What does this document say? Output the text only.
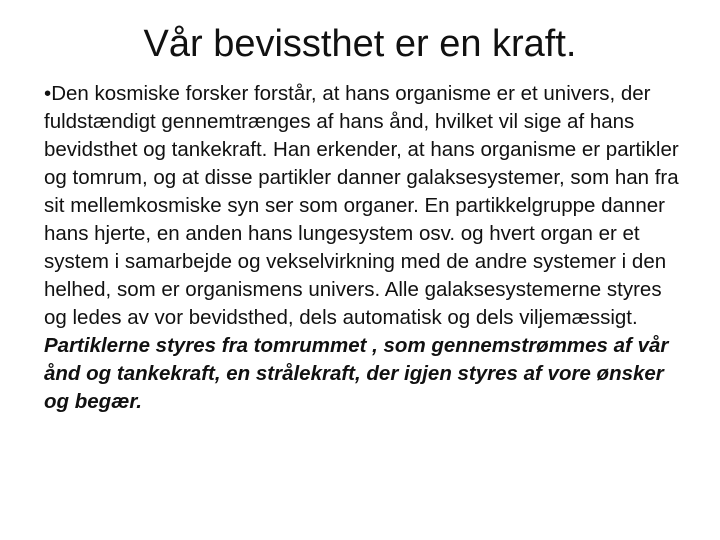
Vår bevissthet er en kraft.

•Den kosmiske forsker forstår, at hans organisme er et univers, der fuldstændigt gennemtrænges af hans ånd, hvilket vil sige af hans bevidsthet og tankekraft. Han erkender, at hans organisme er partikler og tomrum, og at disse partikler danner galaksesystemer, som han fra sit mellemkosmiske syn ser som organer. En partikkelgruppe danner hans hjerte, en anden hans lungesystem osv. og hvert organ er et system i samarbejde og vekselvirkning med de andre systemer i den helhed, som er organismens univers. Alle galaksesystemerne styres og ledes av vor bevidsthed, dels automatisk og dels viljemæssigt. Partiklerne styres fra tomrummet , som gennemstrømmes af vår ånd og tankekraft, en strålekraft, der igjen styres af vore ønsker og begær.
